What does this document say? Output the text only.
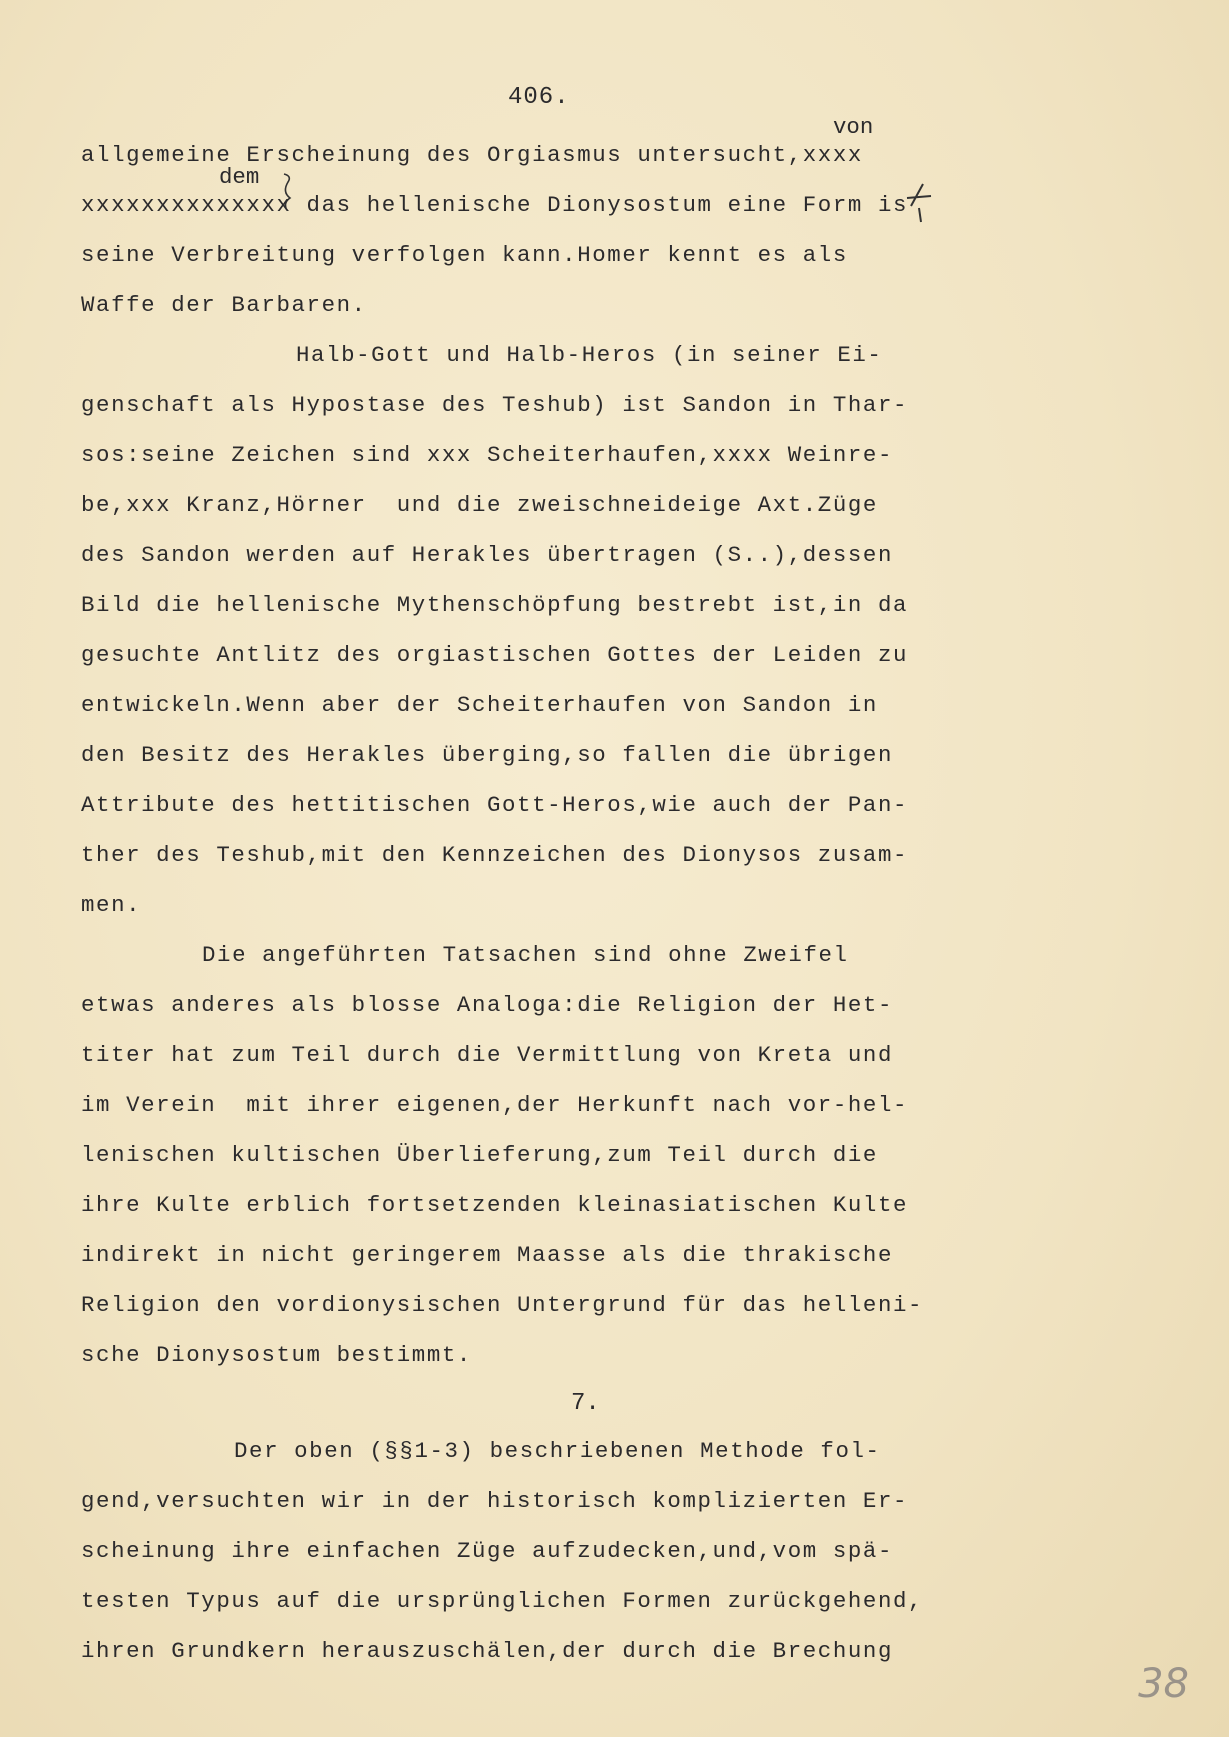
406.
von
dem
allgemeine Erscheinung des Orgiasmus untersucht,xxxx
xxxxxxxxxxxxxx das hellenische Dionysostum eine Form is
seine Verbreitung verfolgen kann.Homer kennt es als
Waffe der Barbaren.
Halb-Gott und Halb-Heros (in seiner Ei-
genschaft als Hypostase des Teshub) ist Sandon in Thar-
sos:seine Zeichen sind xxx Scheiterhaufen,xxxx Weinre-
be,xxx Kranz,Hörner  und die zweischneideige Axt.Züge
des Sandon werden auf Herakles übertragen (S..),dessen
Bild die hellenische Mythenschöpfung bestrebt ist,in da
gesuchte Antlitz des orgiastischen Gottes der Leiden zu
entwickeln.Wenn aber der Scheiterhaufen von Sandon in
den Besitz des Herakles überging,so fallen die übrigen
Attribute des hettitischen Gott-Heros,wie auch der Pan-
ther des Teshub,mit den Kennzeichen des Dionysos zusam-
men.
Die angeführten Tatsachen sind ohne Zweifel
etwas anderes als blosse Analoga:die Religion der Het-
titer hat zum Teil durch die Vermittlung von Kreta und
im Verein  mit ihrer eigenen,der Herkunft nach vor-hel-
lenischen kultischen Überlieferung,zum Teil durch die
ihre Kulte erblich fortsetzenden kleinasiatischen Kulte
indirekt in nicht geringerem Maasse als die thrakische
Religion den vordionysischen Untergrund für das helleni-
sche Dionysostum bestimmt.
7.
Der oben (§§1-3) beschriebenen Methode fol-
gend,versuchten wir in der historisch komplizierten Er-
scheinung ihre einfachen Züge aufzudecken,und,vom spä-
testen Typus auf die ursprünglichen Formen zurückgehend,
ihren Grundkern herauszuschälen,der durch die Brechung
38
